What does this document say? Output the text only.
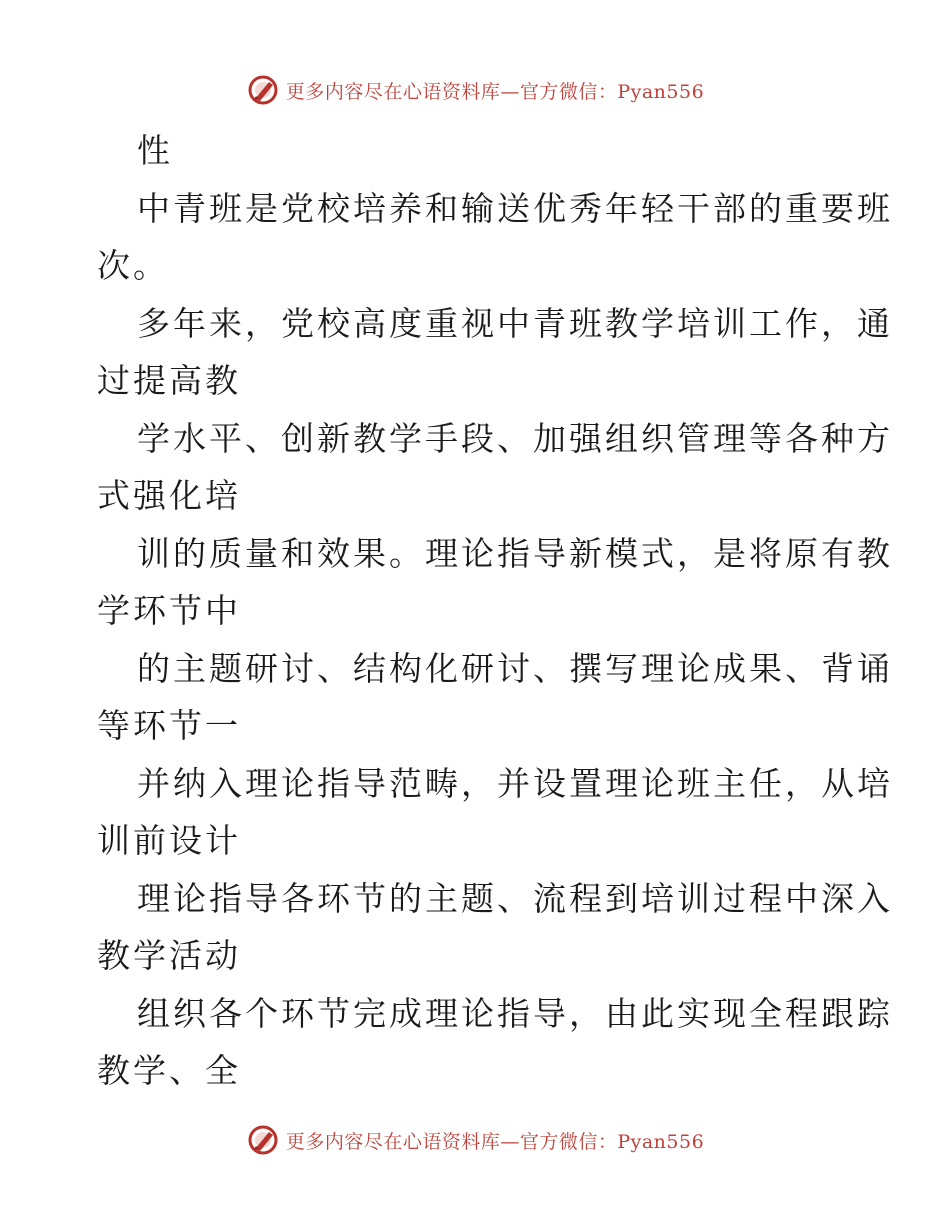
更多内容尽在心语资料库—官方微信：Pyan556
性
中青班是党校培养和输送优秀年轻干部的重要班
次。
多年来，党校高度重视中青班教学培训工作，通
过提高教
学水平、创新教学手段、加强组织管理等各种方
式强化培
训的质量和效果。理论指导新模式，是将原有教
学环节中
的主题研讨、结构化研讨、撰写理论成果、背诵
等环节一
并纳入理论指导范畴，并设置理论班主任，从培
训前设计
理论指导各环节的主题、流程到培训过程中深入
教学活动
组织各个环节完成理论指导，由此实现全程跟踪
教学、全
更多内容尽在心语资料库—官方微信：Pyan556
